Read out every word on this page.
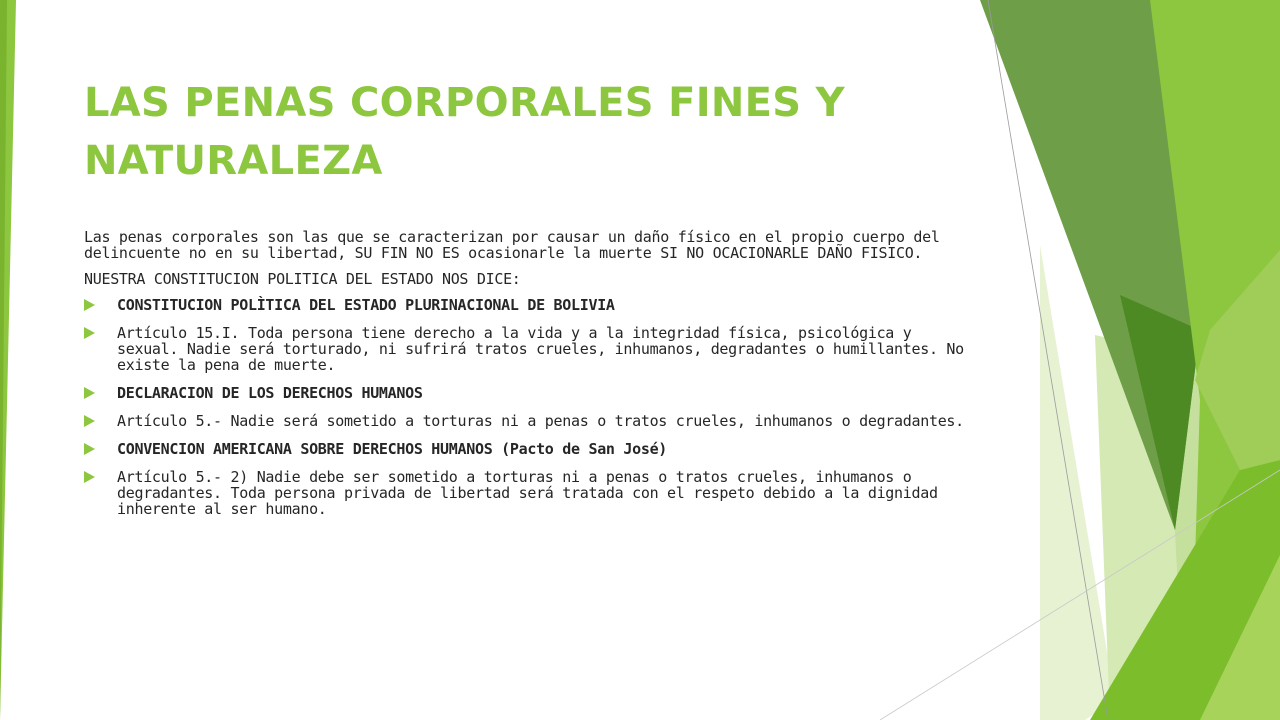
LAS PENAS CORPORALES FINES Y NATURALEZA

Las penas corporales son las que se caracterizan por causar un daño físico en el propio cuerpo del delincuente no en su libertad, SU FIN NO ES ocasionarle la muerte SI NO OCACIONARLE DAÑO FISICO.

NUESTRA CONSTITUCION POLITICA DEL ESTADO NOS DICE:

CONSTITUCION POLÌTICA DEL ESTADO PLURINACIONAL DE BOLIVIA
Artículo 15.I. Toda persona tiene derecho a la vida y a la integridad física, psicológica y sexual. Nadie será torturado, ni sufrirá tratos crueles, inhumanos, degradantes o humillantes. No existe la pena de muerte.
DECLARACION DE LOS DERECHOS HUMANOS
Artículo 5.- Nadie será sometido a torturas ni a penas o tratos crueles, inhumanos o degradantes.
CONVENCION AMERICANA SOBRE DERECHOS HUMANOS (Pacto de San José)
Artículo 5.- 2) Nadie debe ser sometido a torturas ni a penas o tratos crueles, inhumanos o degradantes. Toda persona privada de libertad será tratada con el respeto debido a la dignidad inherente al ser humano.
